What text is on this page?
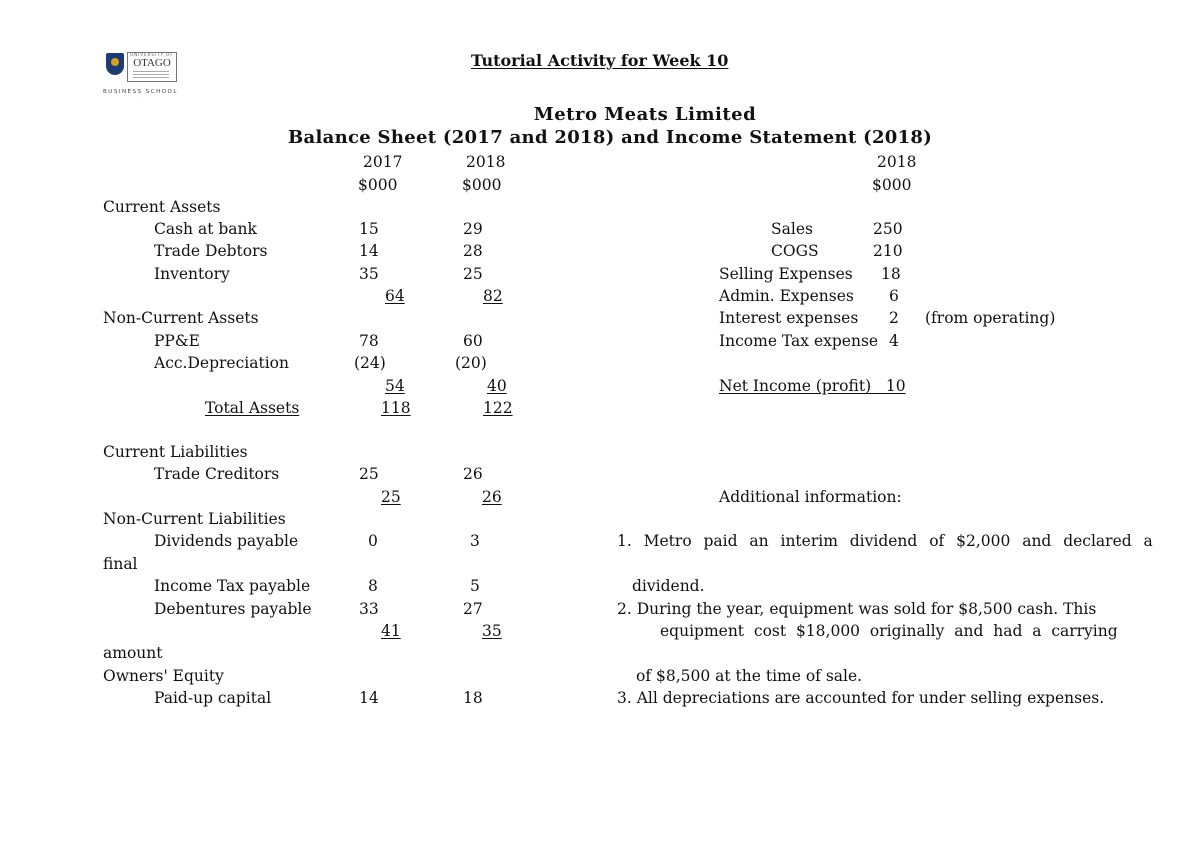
UNIVERSITY OF
OTAGO
BUSINESS SCHOOL
· · · · · ·
Tutorial Activity for Week 10
Metro Meats Limited
Balance Sheet (2017 and 2018) and Income Statement (2018)
2017	2018
$000	$000
Current Assets
Cash at bank	15	29
Trade Debtors	14	28
Inventory	35	25
64	82
Non-Current Assets
PP&E	78	60
Acc.Depreciation	(24)	(20)
54	40
Total Assets	118	122
Current Liabilities
Trade Creditors	25	26
25	26
Non-Current Liabilities
Dividends payable	0	3
final
Income Tax payable	8	5
Debentures payable	33	27
41	35
amount
Owners' Equity
Paid-up capital	14	18
2018
$000
Sales	250
COGS	210
Selling Expenses 18
Admin. Expenses 6
Interest expenses 2 (from operating)
Income Tax expense 4
Net Income (profit)   10
Additional information:
1.  Metro  paid  an  interim  dividend  of  $2,000  and  declared  a
dividend.
2. During the year, equipment was sold for $8,500 cash. This
equipment  cost  $18,000  originally  and  had  a  carrying
of $8,500 at the time of sale.
3. All depreciations are accounted for under selling expenses.
